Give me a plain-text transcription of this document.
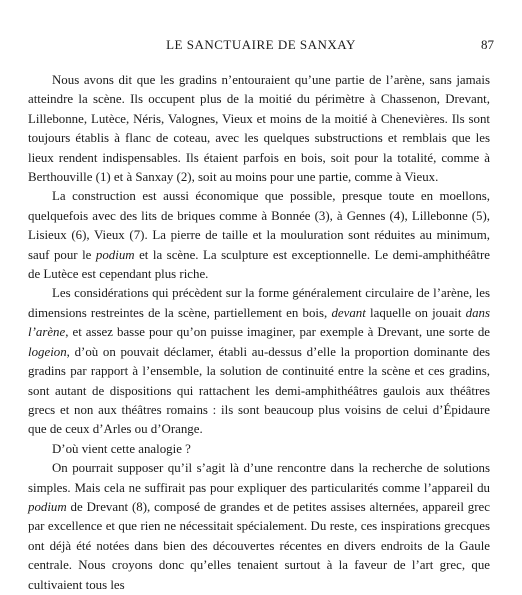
LE SANCTUAIRE DE SANXAY	87

Nous avons dit que les gradins n’entouraient qu’une partie de l’arène, sans jamais atteindre la scène. Ils occupent plus de la moitié du périmètre à Chassenon, Drevant, Lillebonne, Lutèce, Néris, Valognes, Vieux et moins de la moitié à Chenevières. Ils sont toujours établis à flanc de coteau, avec les quelques substructions et remblais que les lieux rendent indispensables. Ils étaient parfois en bois, soit pour la totalité, comme à Berthouville (1) et à Sanxay (2), soit au moins pour une partie, comme à Vieux.

La construction est aussi économique que possible, presque toute en moellons, quelquefois avec des lits de briques comme à Bonnée (3), à Gennes (4), Lillebonne (5), Lisieux (6), Vieux (7). La pierre de taille et la mouluration sont réduites au minimum, sauf pour le podium et la scène. La sculpture est exceptionnelle. Le demi-amphithéâtre de Lutèce est cependant plus riche.

Les considérations qui précèdent sur la forme généralement circulaire de l’arène, les dimensions restreintes de la scène, partiellement en bois, devant laquelle on jouait dans l’arène, et assez basse pour qu’on puisse imaginer, par exemple à Drevant, une sorte de logeion, d’où on pouvait déclamer, établi au-dessus d’elle la proportion dominante des gradins par rapport à l’ensemble, la solution de continuité entre la scène et ces gradins, sont autant de dispositions qui rattachent les demi-amphithéâtres gaulois aux théâtres grecs et non aux théâtres romains : ils sont beaucoup plus voisins de celui d’Épidaure que de ceux d’Arles ou d’Orange.

D’où vient cette analogie ?

On pourrait supposer qu’il s’agit là d’une rencontre dans la recherche de solutions simples. Mais cela ne suffirait pas pour expliquer des particularités comme l’appareil du podium de Drevant (8), composé de grandes et de petites assises alternées, appareil grec par excellence et que rien ne nécessitait spécialement. Du reste, ces inspirations grecques ont déjà été notées dans bien des découvertes récentes en divers endroits de la Gaule centrale. Nous croyons donc qu’elles tenaient surtout à la faveur de l’art grec, que cultivaient tous les
